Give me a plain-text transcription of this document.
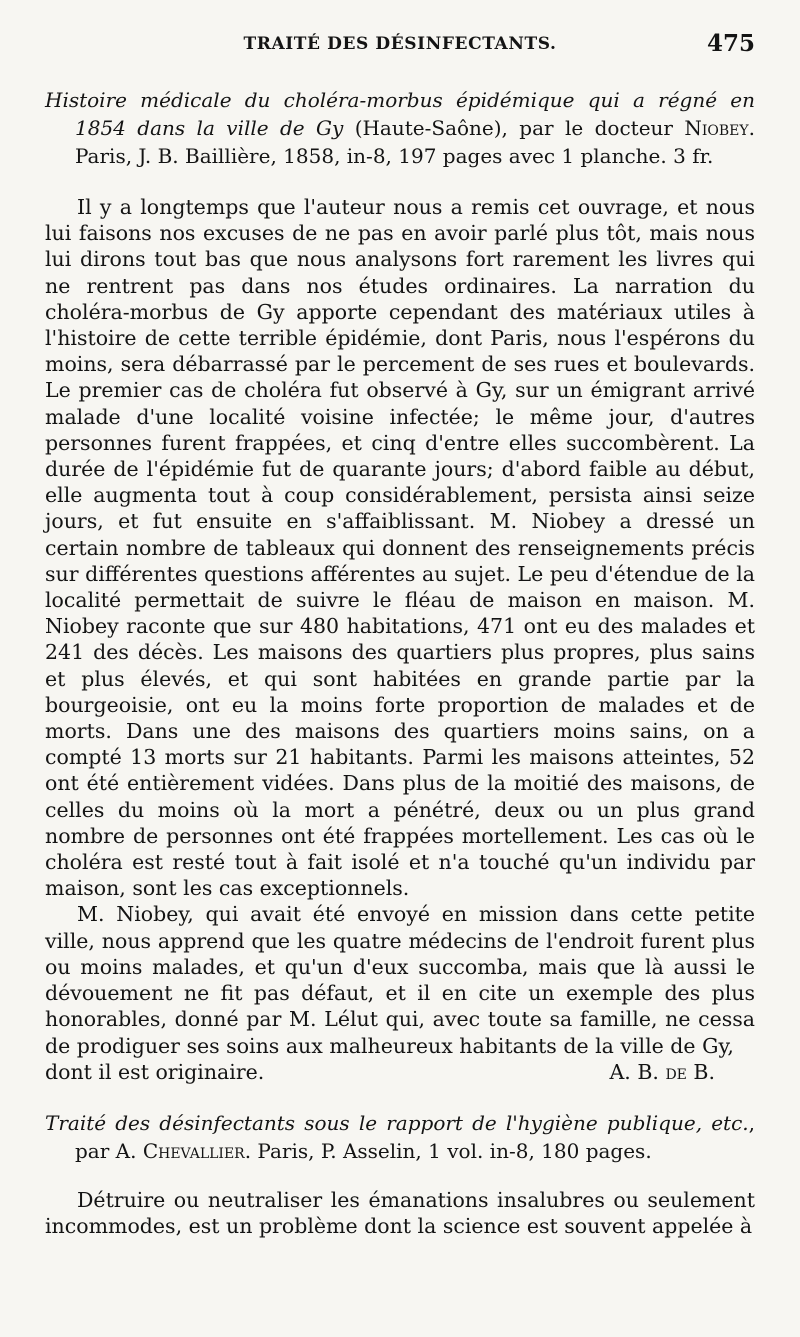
TRAITÉ DES DÉSINFECTANTS.	475

Histoire médicale du choléra-morbus épidémique qui a régné en 1854 dans la ville de Gy (Haute-Saône), par le docteur Niobey. Paris, J. B. Baillière, 1858, in-8, 197 pages avec 1 planche. 3 fr.

Il y a longtemps que l'auteur nous a remis cet ouvrage, et nous lui faisons nos excuses de ne pas en avoir parlé plus tôt, mais nous lui dirons tout bas que nous analysons fort rarement les livres qui ne rentrent pas dans nos études ordinaires. La narration du choléra-morbus de Gy apporte cependant des matériaux utiles à l'histoire de cette terrible épidémie, dont Paris, nous l'espérons du moins, sera débarrassé par le percement de ses rues et boulevards. Le premier cas de choléra fut observé à Gy, sur un émigrant arrivé malade d'une localité voisine infectée; le même jour, d'autres personnes furent frappées, et cinq d'entre elles succombèrent. La durée de l'épidémie fut de quarante jours; d'abord faible au début, elle augmenta tout à coup considérablement, persista ainsi seize jours, et fut ensuite en s'affaiblissant. M. Niobey a dressé un certain nombre de tableaux qui donnent des renseignements précis sur différentes questions afférentes au sujet. Le peu d'étendue de la localité permettait de suivre le fléau de maison en maison. M. Niobey raconte que sur 480 habitations, 471 ont eu des malades et 241 des décès. Les maisons des quartiers plus propres, plus sains et plus élevés, et qui sont habitées en grande partie par la bourgeoisie, ont eu la moins forte proportion de malades et de morts. Dans une des maisons des quartiers moins sains, on a compté 13 morts sur 21 habitants. Parmi les maisons atteintes, 52 ont été entièrement vidées. Dans plus de la moitié des maisons, de celles du moins où la mort a pénétré, deux ou un plus grand nombre de personnes ont été frappées mortellement. Les cas où le choléra est resté tout à fait isolé et n'a touché qu'un individu par maison, sont les cas exceptionnels.

M. Niobey, qui avait été envoyé en mission dans cette petite ville, nous apprend que les quatre médecins de l'endroit furent plus ou moins malades, et qu'un d'eux succomba, mais que là aussi le dévouement ne fit pas défaut, et il en cite un exemple des plus honorables, donné par M. Lélut qui, avec toute sa famille, ne cessa de prodiguer ses soins aux malheureux habitants de la ville de Gy,

dont il est originaire.	A. B. de B.

Traité des désinfectants sous le rapport de l'hygiène publique, etc., par A. Chevallier. Paris, P. Asselin, 1 vol. in-8, 180 pages.

Détruire ou neutraliser les émanations insalubres ou seulement incommodes, est un problème dont la science est souvent appelée à
